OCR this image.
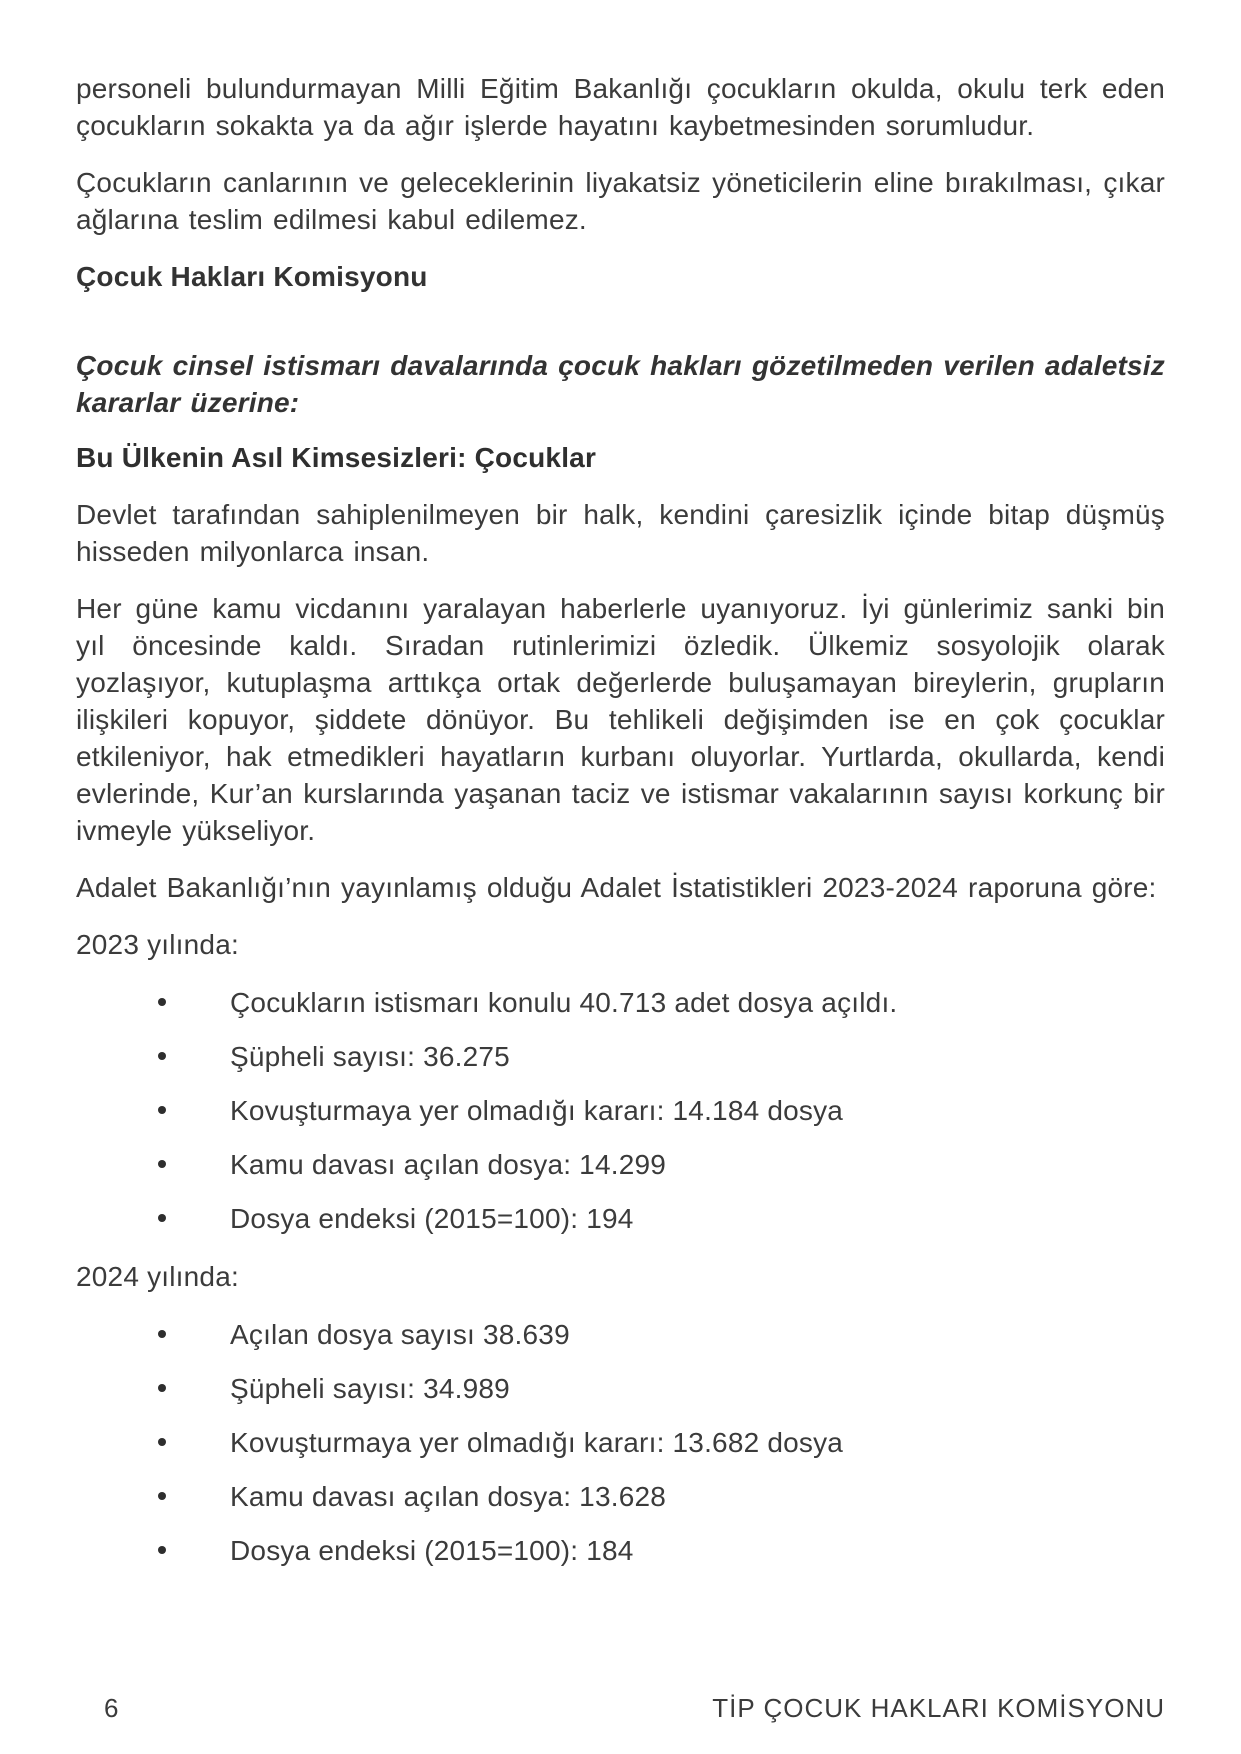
personeli bulundurmayan Milli Eğitim Bakanlığı çocukların okulda, okulu terk eden çocukların sokakta ya da ağır işlerde hayatını kaybetmesinden sorumludur.

Çocukların canlarının ve geleceklerinin liyakatsiz yöneticilerin eline bırakılması, çıkar ağlarına teslim edilmesi kabul edilemez.

Çocuk Hakları Komisyonu

Çocuk cinsel istismarı davalarında çocuk hakları gözetilmeden verilen adaletsiz kararlar üzerine:

Bu Ülkenin Asıl Kimsesizleri: Çocuklar

Devlet tarafından sahiplenilmeyen bir halk, kendini çaresizlik içinde bitap düşmüş hisseden milyonlarca insan.

Her güne kamu vicdanını yaralayan haberlerle uyanıyoruz. İyi günlerimiz sanki bin yıl öncesinde kaldı. Sıradan rutinlerimizi özledik. Ülkemiz sosyolojik olarak yozlaşıyor, kutuplaşma arttıkça ortak değerlerde buluşamayan bireylerin, grupların ilişkileri kopuyor, şiddete dönüyor. Bu tehlikeli değişimden ise en çok çocuklar etkileniyor, hak etmedikleri hayatların kurbanı oluyorlar. Yurtlarda, okullarda, kendi evlerinde, Kur’an kurslarında yaşanan taciz ve istismar vakalarının sayısı korkunç bir ivmeyle yükseliyor.

Adalet Bakanlığı’nın yayınlamış olduğu Adalet İstatistikleri 2023-2024 raporuna göre:

2023 yılında:

Çocukların istismarı konulu 40.713 adet dosya açıldı.
Şüpheli sayısı: 36.275
Kovuşturmaya yer olmadığı kararı: 14.184 dosya
Kamu davası açılan dosya: 14.299
Dosya endeksi (2015=100): 194

2024 yılında:

Açılan dosya sayısı 38.639
Şüpheli sayısı: 34.989
Kovuşturmaya yer olmadığı kararı: 13.682 dosya
Kamu davası açılan dosya: 13.628
Dosya endeksi (2015=100): 184
6	TİP ÇOCUK HAKLARI KOMİSYONU
